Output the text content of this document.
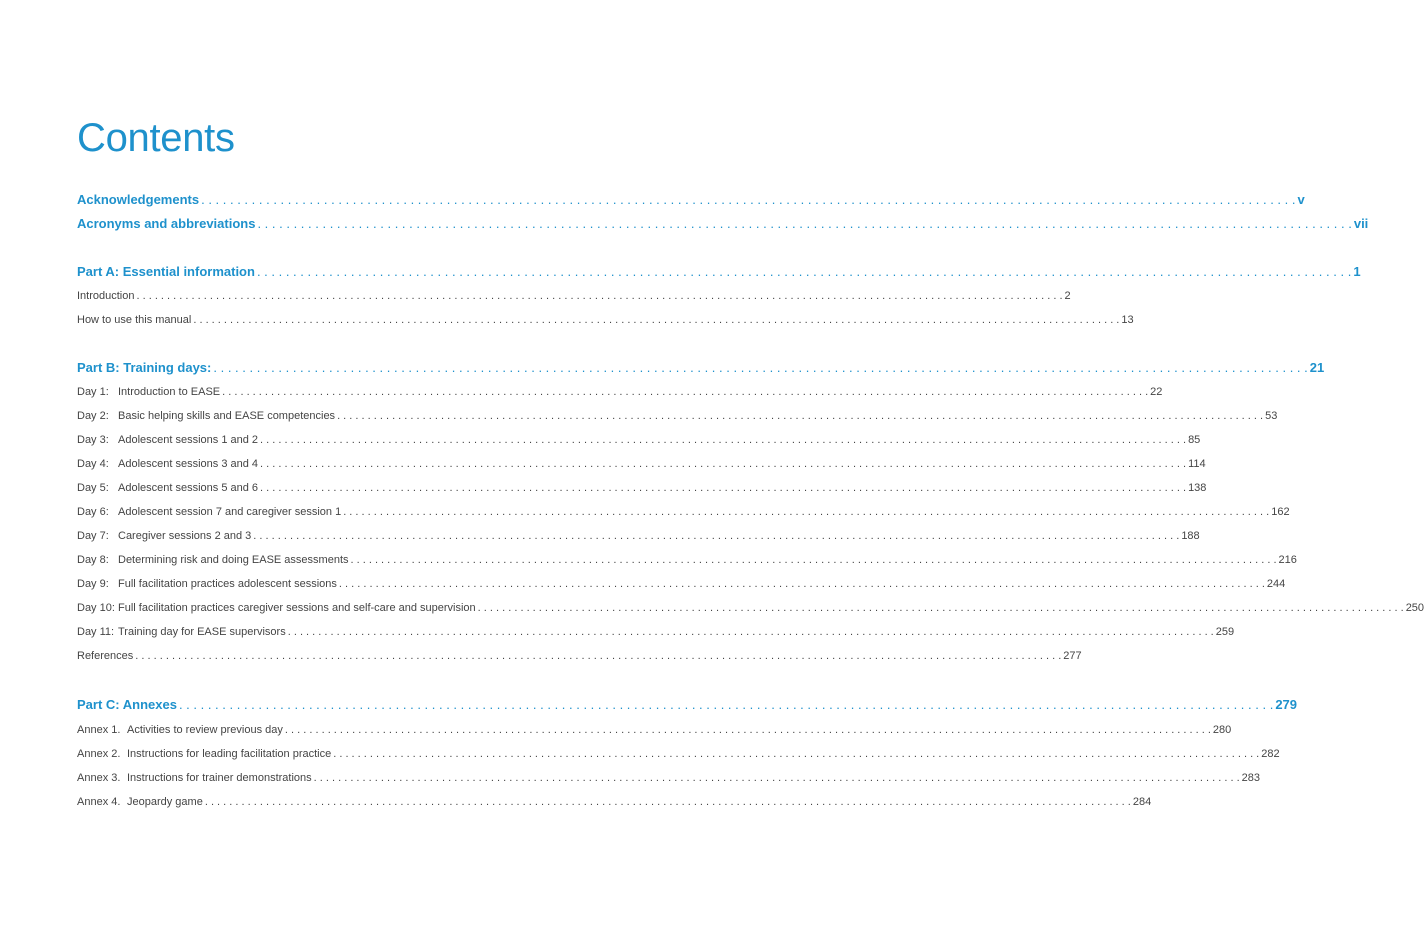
Contents
Acknowledgements . . .	v
Acronyms and abbreviations . . .	vii
Part A: Essential information . . .	1
Introduction . . .	2
How to use this manual . . .	13
Part B: Training days: . . .	21
Day 1: Introduction to EASE . . .	22
Day 2: Basic helping skills and EASE competencies . . .	53
Day 3: Adolescent sessions 1 and 2 . . .	85
Day 4: Adolescent sessions 3 and 4 . . .	114
Day 5: Adolescent sessions 5 and 6 . . .	138
Day 6: Adolescent session 7 and caregiver session 1 . . .	162
Day 7: Caregiver sessions 2 and 3 . . .	188
Day 8: Determining risk and doing EASE assessments . . .	216
Day 9: Full facilitation practices adolescent sessions . . .	244
Day 10: Full facilitation practices caregiver sessions and self-care and supervision . . .	250
Day 11: Training day for EASE supervisors . . .	259
References . . .	277
Part C: Annexes . . .	279
Annex 1. Activities to review previous day . . .	280
Annex 2. Instructions for leading facilitation practice . . .	282
Annex 3. Instructions for trainer demonstrations . . .	283
Annex 4. Jeopardy game . . .	284
